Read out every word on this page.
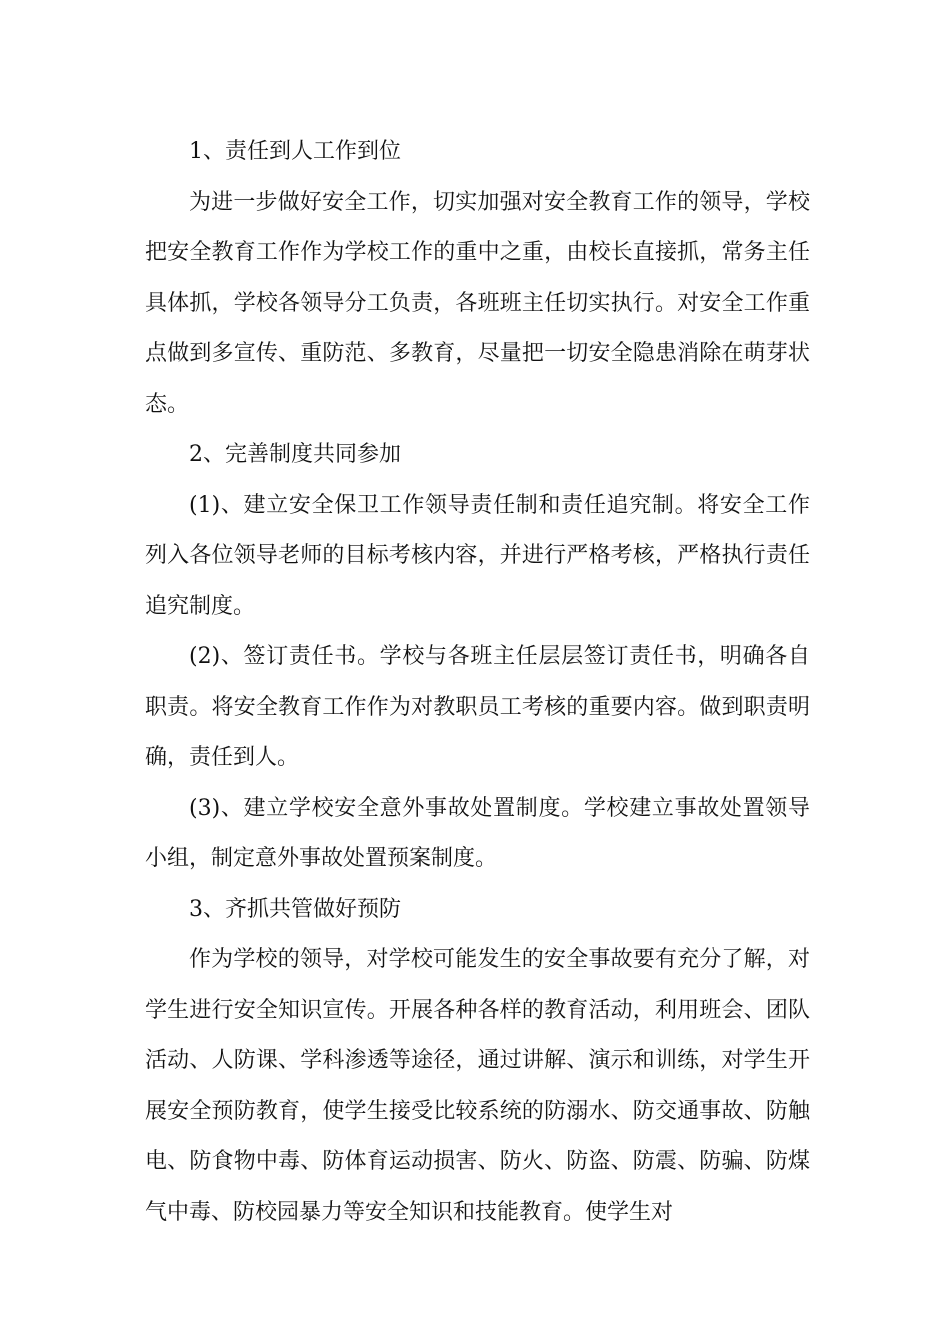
1、责任到人工作到位

为进一步做好安全工作，切实加强对安全教育工作的领导，学校把安全教育工作作为学校工作的重中之重，由校长直接抓，常务主任具体抓，学校各领导分工负责，各班班主任切实执行。对安全工作重点做到多宣传、重防范、多教育，尽量把一切安全隐患消除在萌芽状态。

2、完善制度共同参加

(1)、建立安全保卫工作领导责任制和责任追究制。将安全工作列入各位领导老师的目标考核内容，并进行严格考核，严格执行责任追究制度。

(2)、签订责任书。学校与各班主任层层签订责任书，明确各自职责。将安全教育工作作为对教职员工考核的重要内容。做到职责明确，责任到人。

(3)、建立学校安全意外事故处置制度。学校建立事故处置领导小组，制定意外事故处置预案制度。

3、齐抓共管做好预防

作为学校的领导，对学校可能发生的安全事故要有充分了解，对学生进行安全知识宣传。开展各种各样的教育活动，利用班会、团队活动、人防课、学科渗透等途径，通过讲解、演示和训练，对学生开展安全预防教育，使学生接受比较系统的防溺水、防交通事故、防触电、防食物中毒、防体育运动损害、防火、防盗、防震、防骗、防煤气中毒、防校园暴力等安全知识和技能教育。使学生对
